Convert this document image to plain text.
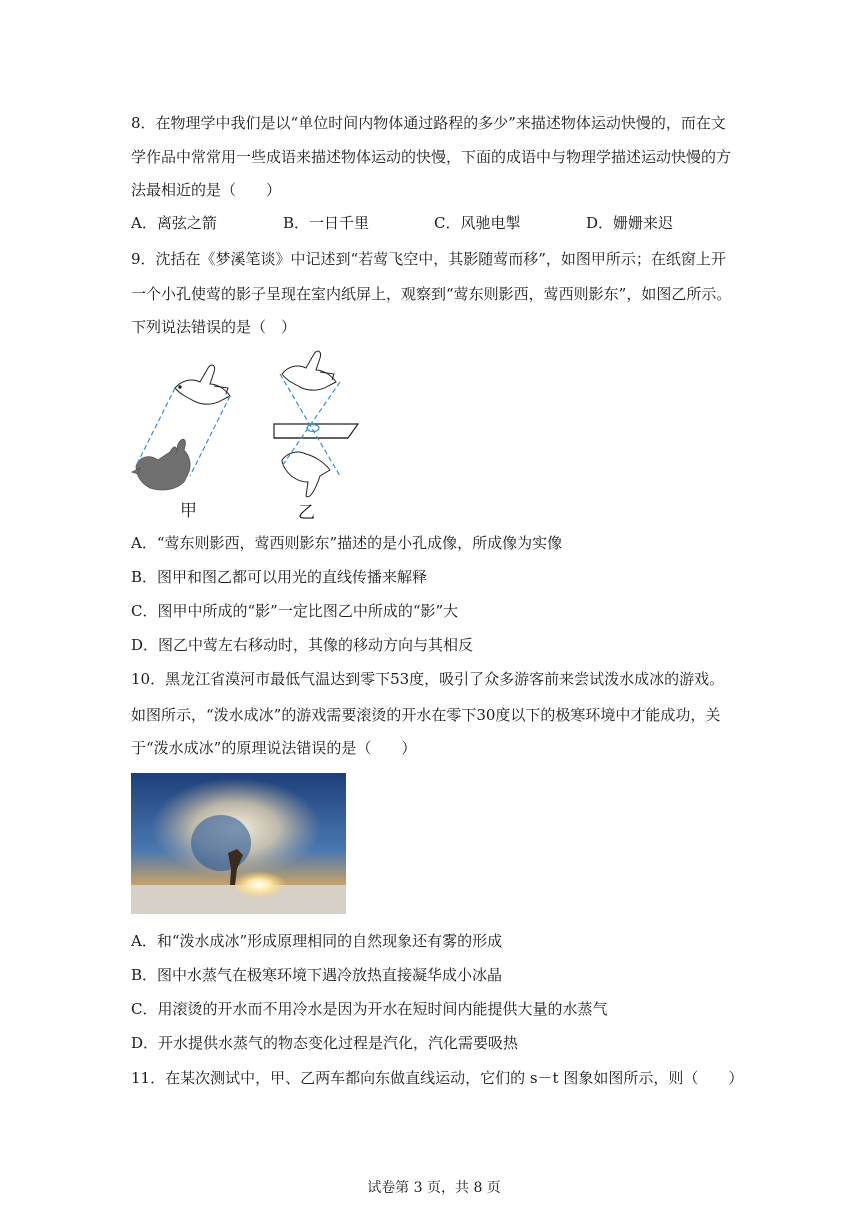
8．在物理学中我们是以“单位时间内物体通过路程的多少”来描述物体运动快慢的，而在文
学作品中常常用一些成语来描述物体运动的快慢，下面的成语中与物理学描述运动快慢的方
法最相近的是（　　）
A．离弦之箭	B．一日千里	C．风驰电掣	D．姗姗来迟
9．沈括在《梦溪笔谈》中记述到“若莺飞空中，其影随莺而移”，如图甲所示；在纸窗上开
一个小孔使莺的影子呈现在室内纸屏上，观察到“莺东则影西，莺西则影东”，如图乙所示。
下列说法错误的是（　）
甲	乙
A．“莺东则影西，莺西则影东”描述的是小孔成像，所成像为实像
B．图甲和图乙都可以用光的直线传播来解释
C．图甲中所成的“影”一定比图乙中所成的“影”大
D．图乙中莺左右移动时，其像的移动方向与其相反
10．黑龙江省漠河市最低气温达到零下53度，吸引了众多游客前来尝试泼水成冰的游戏。
如图所示，“泼水成冰”的游戏需要滚烫的开水在零下30度以下的极寒环境中才能成功，关
于“泼水成冰”的原理说法错误的是（　　）
A．和“泼水成冰”形成原理相同的自然现象还有雾的形成
B．图中水蒸气在极寒环境下遇冷放热直接凝华成小冰晶
C．用滚烫的开水而不用冷水是因为开水在短时间内能提供大量的水蒸气
D．开水提供水蒸气的物态变化过程是汽化，汽化需要吸热
11．在某次测试中，甲、乙两车都向东做直线运动，它们的 s－t 图象如图所示，则（　　）
试卷第 3 页，共 8 页
